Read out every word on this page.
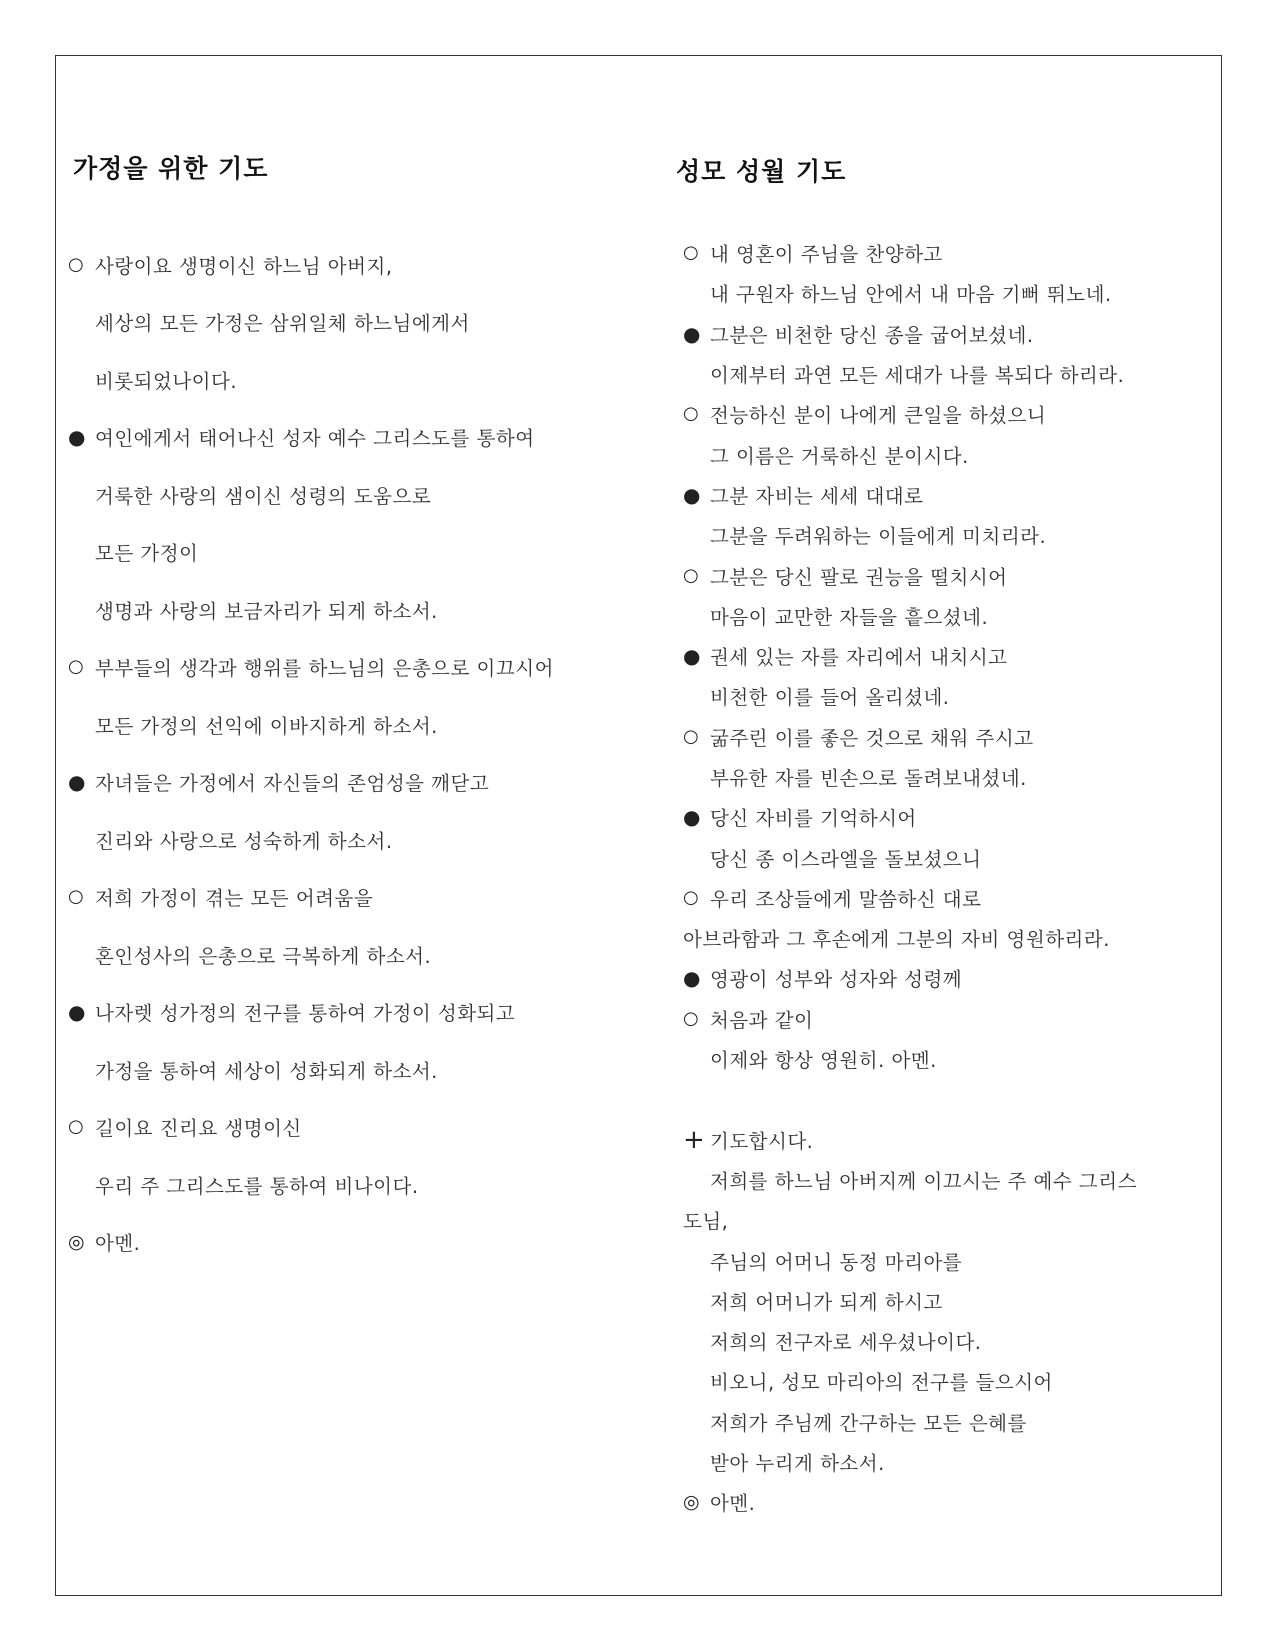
가정을 위한 기도	성모 성월 기도
○ 사랑이요 생명이신 하느님 아버지,
세상의 모든 가정은 삼위일체 하느님에게서
비롯되었나이다.
● 여인에게서 태어나신 성자 예수 그리스도를 통하여
거룩한 사랑의 샘이신 성령의 도움으로
모든 가정이
생명과 사랑의 보금자리가 되게 하소서.
○ 부부들의 생각과 행위를 하느님의 은총으로 이끄시어
모든 가정의 선익에 이바지하게 하소서.
● 자녀들은 가정에서 자신들의 존엄성을 깨닫고
진리와 사랑으로 성숙하게 하소서.
○ 저희 가정이 겪는 모든 어려움을
혼인성사의 은총으로 극복하게 하소서.
● 나자렛 성가정의 전구를 통하여 가정이 성화되고
가정을 통하여 세상이 성화되게 하소서.
○ 길이요 진리요 생명이신
우리 주 그리스도를 통하여 비나이다.
◎ 아멘.
○ 내 영혼이 주님을 찬양하고
내 구원자 하느님 안에서 내 마음 기뻐 뛰노네.
● 그분은 비천한 당신 종을 굽어보셨네.
이제부터 과연 모든 세대가 나를 복되다 하리라.
○ 전능하신 분이 나에게 큰일을 하셨으니
그 이름은 거룩하신 분이시다.
● 그분 자비는 세세 대대로
그분을 두려워하는 이들에게 미치리라.
○ 그분은 당신 팔로 권능을 떨치시어
마음이 교만한 자들을 흩으셨네.
● 권세 있는 자를 자리에서 내치시고
비천한 이를 들어 올리셨네.
○ 굶주린 이를 좋은 것으로 채워 주시고
부유한 자를 빈손으로 돌려보내셨네.
● 당신 자비를 기억하시어
당신 종 이스라엘을 돌보셨으니
○ 우리 조상들에게 말씀하신 대로
아브라함과 그 후손에게 그분의 자비 영원하리라.
● 영광이 성부와 성자와 성령께
○ 처음과 같이
이제와 항상 영원히. 아멘.
+ 기도합시다.
저희를 하느님 아버지께 이끄시는 주 예수 그리스
도님,
주님의 어머니 동정 마리아를
저희 어머니가 되게 하시고
저희의 전구자로 세우셨나이다.
비오니, 성모 마리아의 전구를 들으시어
저희가 주님께 간구하는 모든 은혜를
받아 누리게 하소서.
◎ 아멘.
